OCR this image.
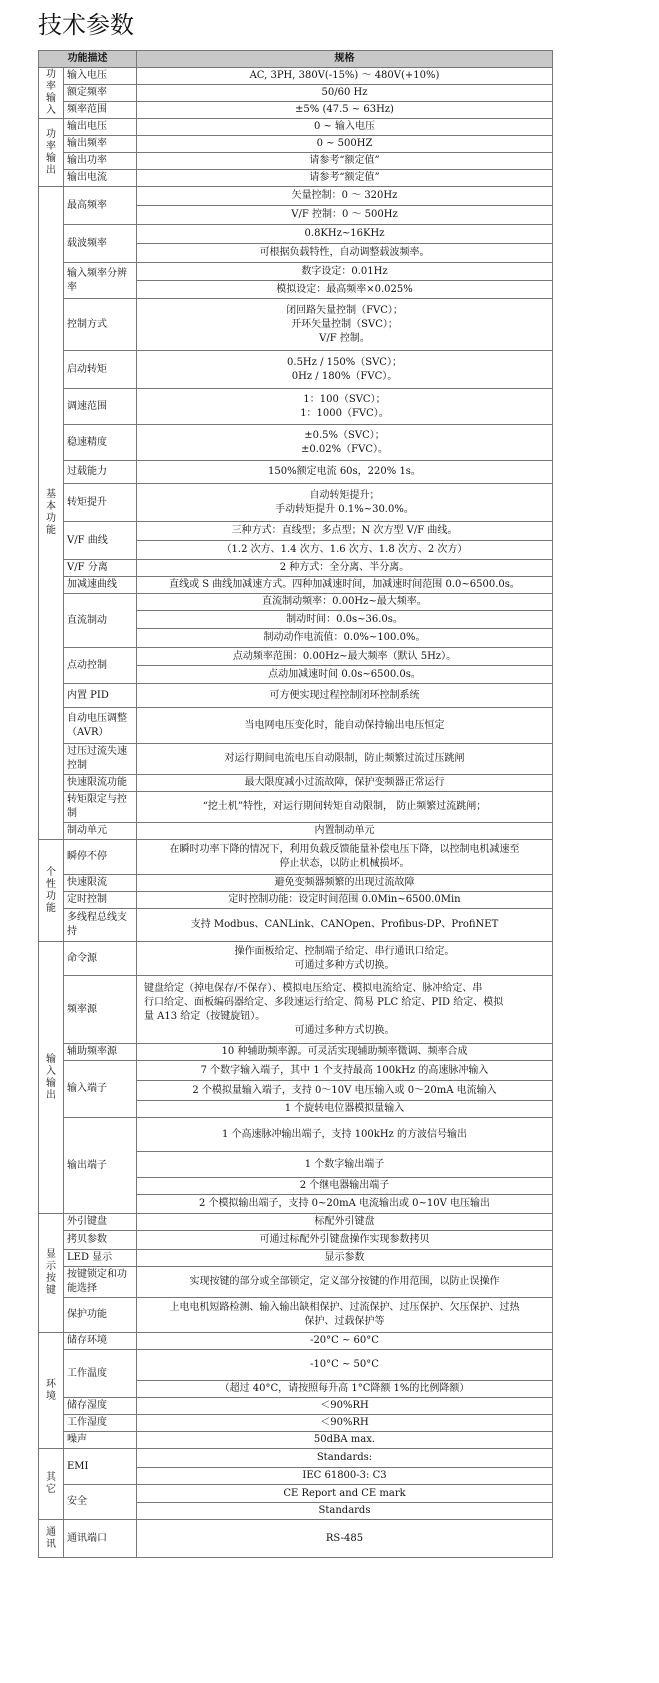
技术参数
功能描述		规格

功率输入	输入电压	AC, 3PH, 380V(-15%) ～ 480V(+10%)

	额定频率	50/60 Hz

	频率范围	±5% (47.5 ~ 63Hz)

功率输出	输出电压	0 ~ 输入电压

	输出频率	0 ~ 500HZ

	输出功率	请参考“额定值”

	输出电流	请参考“额定值”

基本功能	最高频率	矢量控制：0 ～ 320Hz

		V/F 控制：0 ～ 500Hz

	载波频率	0.8KHz~16KHz

		可根据负载特性，自动调整载波频率。

	输入频率分辨率	数字设定：0.01Hz

		模拟设定：最高频率×0.025%

	控制方式	闭回路矢量控制（FVC）；

开环矢量控制（SVC）；

V/F 控制。

	启动转矩	0.5Hz / 150%（SVC）；

0Hz / 180%（FVC）。

	调速范围	1：100（SVC）；

1：1000（FVC）。

	稳速精度	±0.5%（SVC）；

±0.02%（FVC）。

	过载能力	150%额定电流 60s，220% 1s。

	转矩提升	自动转矩提升；

手动转矩提升 0.1%~30.0%。

	V/F 曲线	三种方式：直线型；多点型；N 次方型 V/F 曲线。

		（1.2 次方、1.4 次方、1.6 次方、1.8 次方、2 次方）

	V/F 分离	2 种方式：全分离、半分离。

	加减速曲线	直线或 S 曲线加减速方式。四种加减速时间，加减速时间范围 0.0~6500.0s。

	直流制动	直流制动频率：0.00Hz~最大频率。

		制动时间：0.0s~36.0s。

		制动动作电流值：0.0%~100.0%。

	点动控制	点动频率范围：0.00Hz~最大频率（默认 5Hz）。

		点动加减速时间 0.0s~6500.0s。

	内置 PID	可方便实现过程控制闭环控制系统

	自动电压调整（AVR）	当电网电压变化时，能自动保持输出电压恒定

	过压过流失速控制	对运行期间电流电压自动限制，防止频繁过流过压跳闸

	快速限流功能	最大限度减小过流故障，保护变频器正常运行

	转矩限定与控制	“挖土机”特性，对运行期间转矩自动限制， 防止频繁过流跳闸；

	制动单元	内置制动单元

个性功能	瞬停不停	在瞬时功率下降的情况下，利用负载反馈能量补偿电压下降，以控制电机减速至

停止状态，以防止机械损坏。

	快速限流	避免变频器频繁的出现过流故障

	定时控制	定时控制功能：设定时间范围 0.0Min~6500.0Min

	多线程总线支持	支持 Modbus、CANLink、CANOpen、Profibus-DP、ProfiNET

输入输出	命令源	操作面板给定、控制端子给定、串行通讯口给定。

可通过多种方式切换。

	频率源	键盘给定（掉电保存/不保存）、模拟电压给定、模拟电流给定、脉冲给定、串

行口给定、面板编码器给定、多段速运行给定、简易 PLC 给定、PID 给定、模拟

量 A13 给定（按键旋钮）。

可通过多种方式切换。

	辅助频率源	10 种辅助频率源。可灵活实现辅助频率微调、频率合成

	输入端子	7 个数字输入端子，其中 1 个支持最高 100kHz 的高速脉冲输入

		2 个模拟量输入端子，支持 0～10V 电压输入或 0～20mA 电流输入

		1 个旋转电位器模拟量输入

	输出端子	1 个高速脉冲输出端子，支持 100kHz 的方波信号输出

		1 个数字输出端子

		2 个继电器输出端子

		2 个模拟输出端子，支持 0~20mA 电流输出或 0~10V 电压输出

显示按键	外引键盘	标配外引键盘

	拷贝参数	可通过标配外引键盘操作实现参数拷贝

	LED 显示	显示参数

	按键锁定和功能选择	实现按键的部分或全部锁定，定义部分按键的作用范围，以防止误操作

	保护功能	上电电机短路检测、输入输出缺相保护、过流保护、过压保护、欠压保护、过热

保护、过载保护等

环境	储存环境	-20°C ~ 60°C

	工作温度	-10°C ~ 50°C

		（超过 40°C，请按照每升高 1°C降额 1%的比例降额）

	储存湿度	＜90%RH

	工作湿度	＜90%RH

	噪声	50dBA max.

其它	EMI	Standards:

		IEC 61800-3: C3

	安全	CE Report and CE mark

		Standards

通讯	通讯端口	RS-485
